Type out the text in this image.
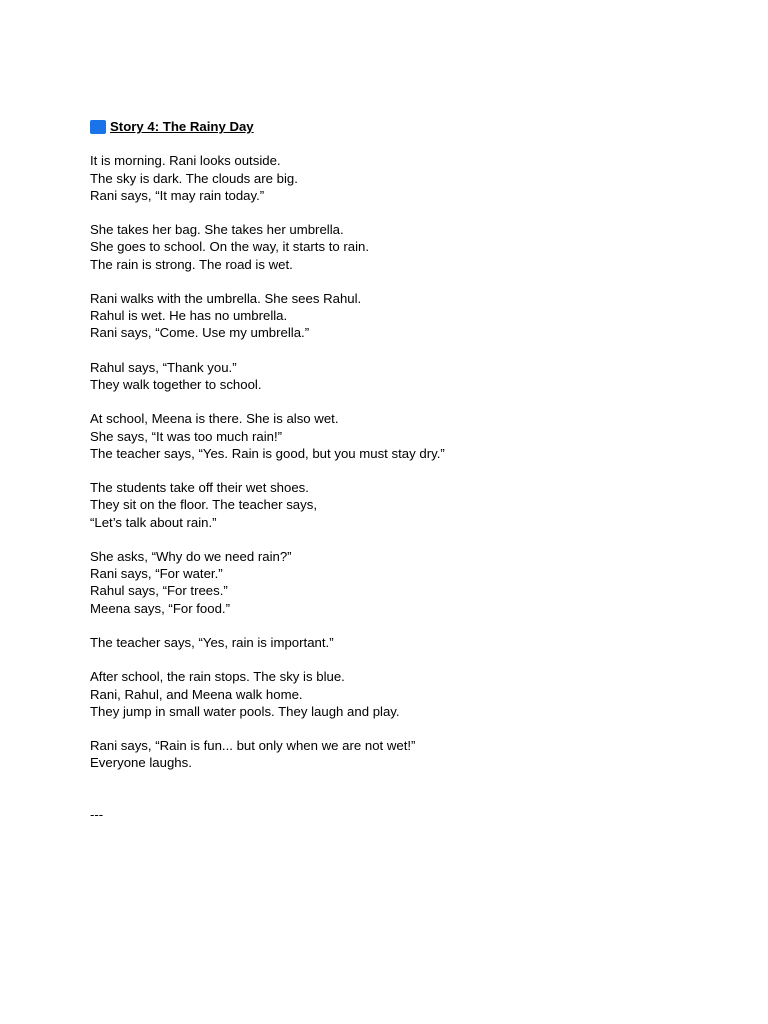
Story 4: The Rainy Day
It is morning. Rani looks outside.
The sky is dark. The clouds are big.
Rani says, “It may rain today.”
She takes her bag. She takes her umbrella.
She goes to school. On the way, it starts to rain.
The rain is strong. The road is wet.
Rani walks with the umbrella. She sees Rahul.
Rahul is wet. He has no umbrella.
Rani says, “Come. Use my umbrella.”
Rahul says, “Thank you.”
They walk together to school.
At school, Meena is there. She is also wet.
She says, “It was too much rain!”
The teacher says, “Yes. Rain is good, but you must stay dry.”
The students take off their wet shoes.
They sit on the floor. The teacher says,
“Let’s talk about rain.”
She asks, “Why do we need rain?”
Rani says, “For water.”
Rahul says, “For trees.”
Meena says, “For food.”
The teacher says, “Yes, rain is important.”
After school, the rain stops. The sky is blue.
Rani, Rahul, and Meena walk home.
They jump in small water pools. They laugh and play.
Rani says, “Rain is fun... but only when we are not wet!”
Everyone laughs.
---
